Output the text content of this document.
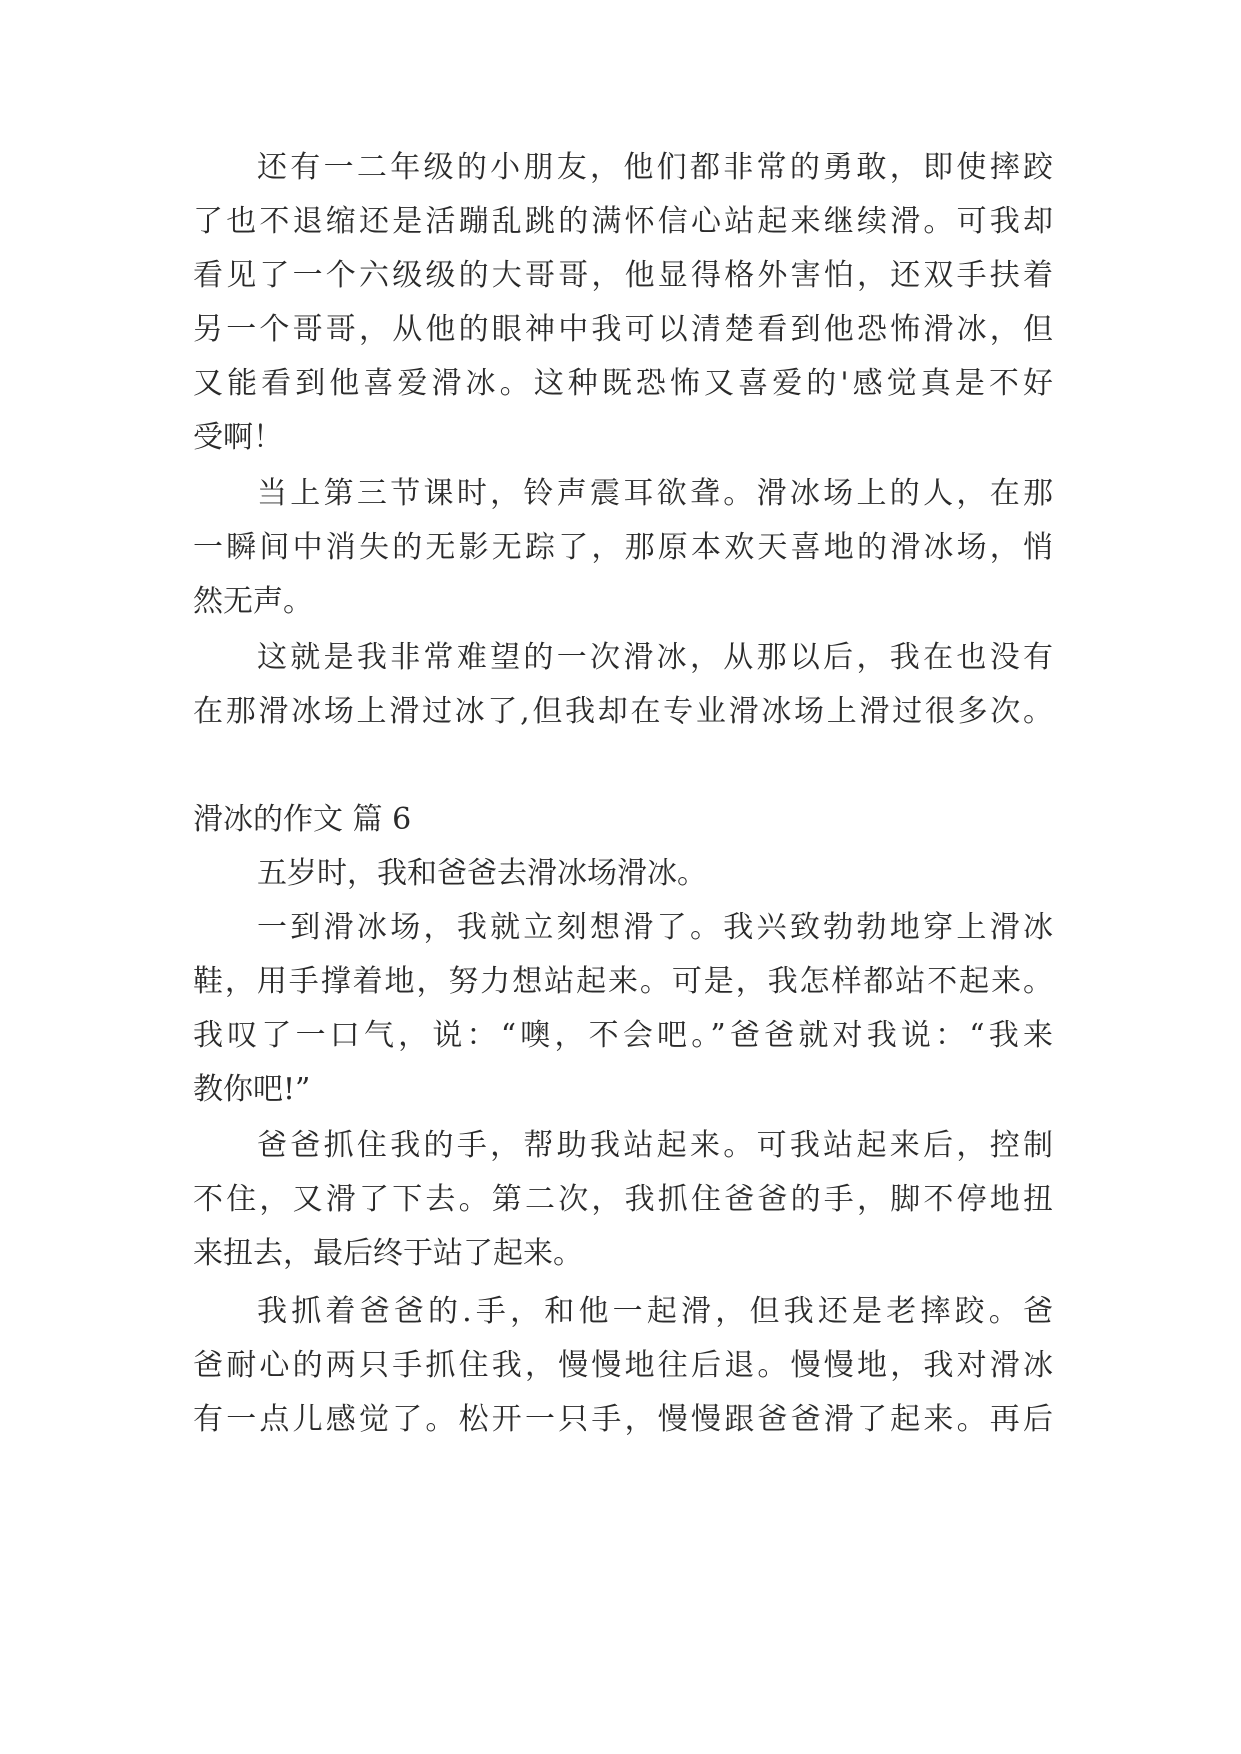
还有一二年级的小朋友，他们都非常的勇敢，即使摔跤
了也不退缩还是活蹦乱跳的满怀信心站起来继续滑。可我却
看见了一个六级级的大哥哥，他显得格外害怕，还双手扶着
另一个哥哥，从他的眼神中我可以清楚看到他恐怖滑冰，但
又能看到他喜爱滑冰。这种既恐怖又喜爱的'感觉真是不好
受啊！
当上第三节课时，铃声震耳欲聋。滑冰场上的人，在那
一瞬间中消失的无影无踪了，那原本欢天喜地的滑冰场，悄
然无声。
这就是我非常难望的一次滑冰，从那以后，我在也没有
在那滑冰场上滑过冰了,但我却在专业滑冰场上滑过很多次。
滑冰的作文 篇 6
五岁时，我和爸爸去滑冰场滑冰。
一到滑冰场，我就立刻想滑了。我兴致勃勃地穿上滑冰
鞋，用手撑着地，努力想站起来。可是，我怎样都站不起来。
我叹了一口气，说：“噢，不会吧。”爸爸就对我说：“我来
教你吧!”
爸爸抓住我的手，帮助我站起来。可我站起来后，控制
不住，又滑了下去。第二次，我抓住爸爸的手，脚不停地扭
来扭去，最后终于站了起来。
我抓着爸爸的.手，和他一起滑，但我还是老摔跤。爸
爸耐心的两只手抓住我，慢慢地往后退。慢慢地，我对滑冰
有一点儿感觉了。松开一只手，慢慢跟爸爸滑了起来。再后
